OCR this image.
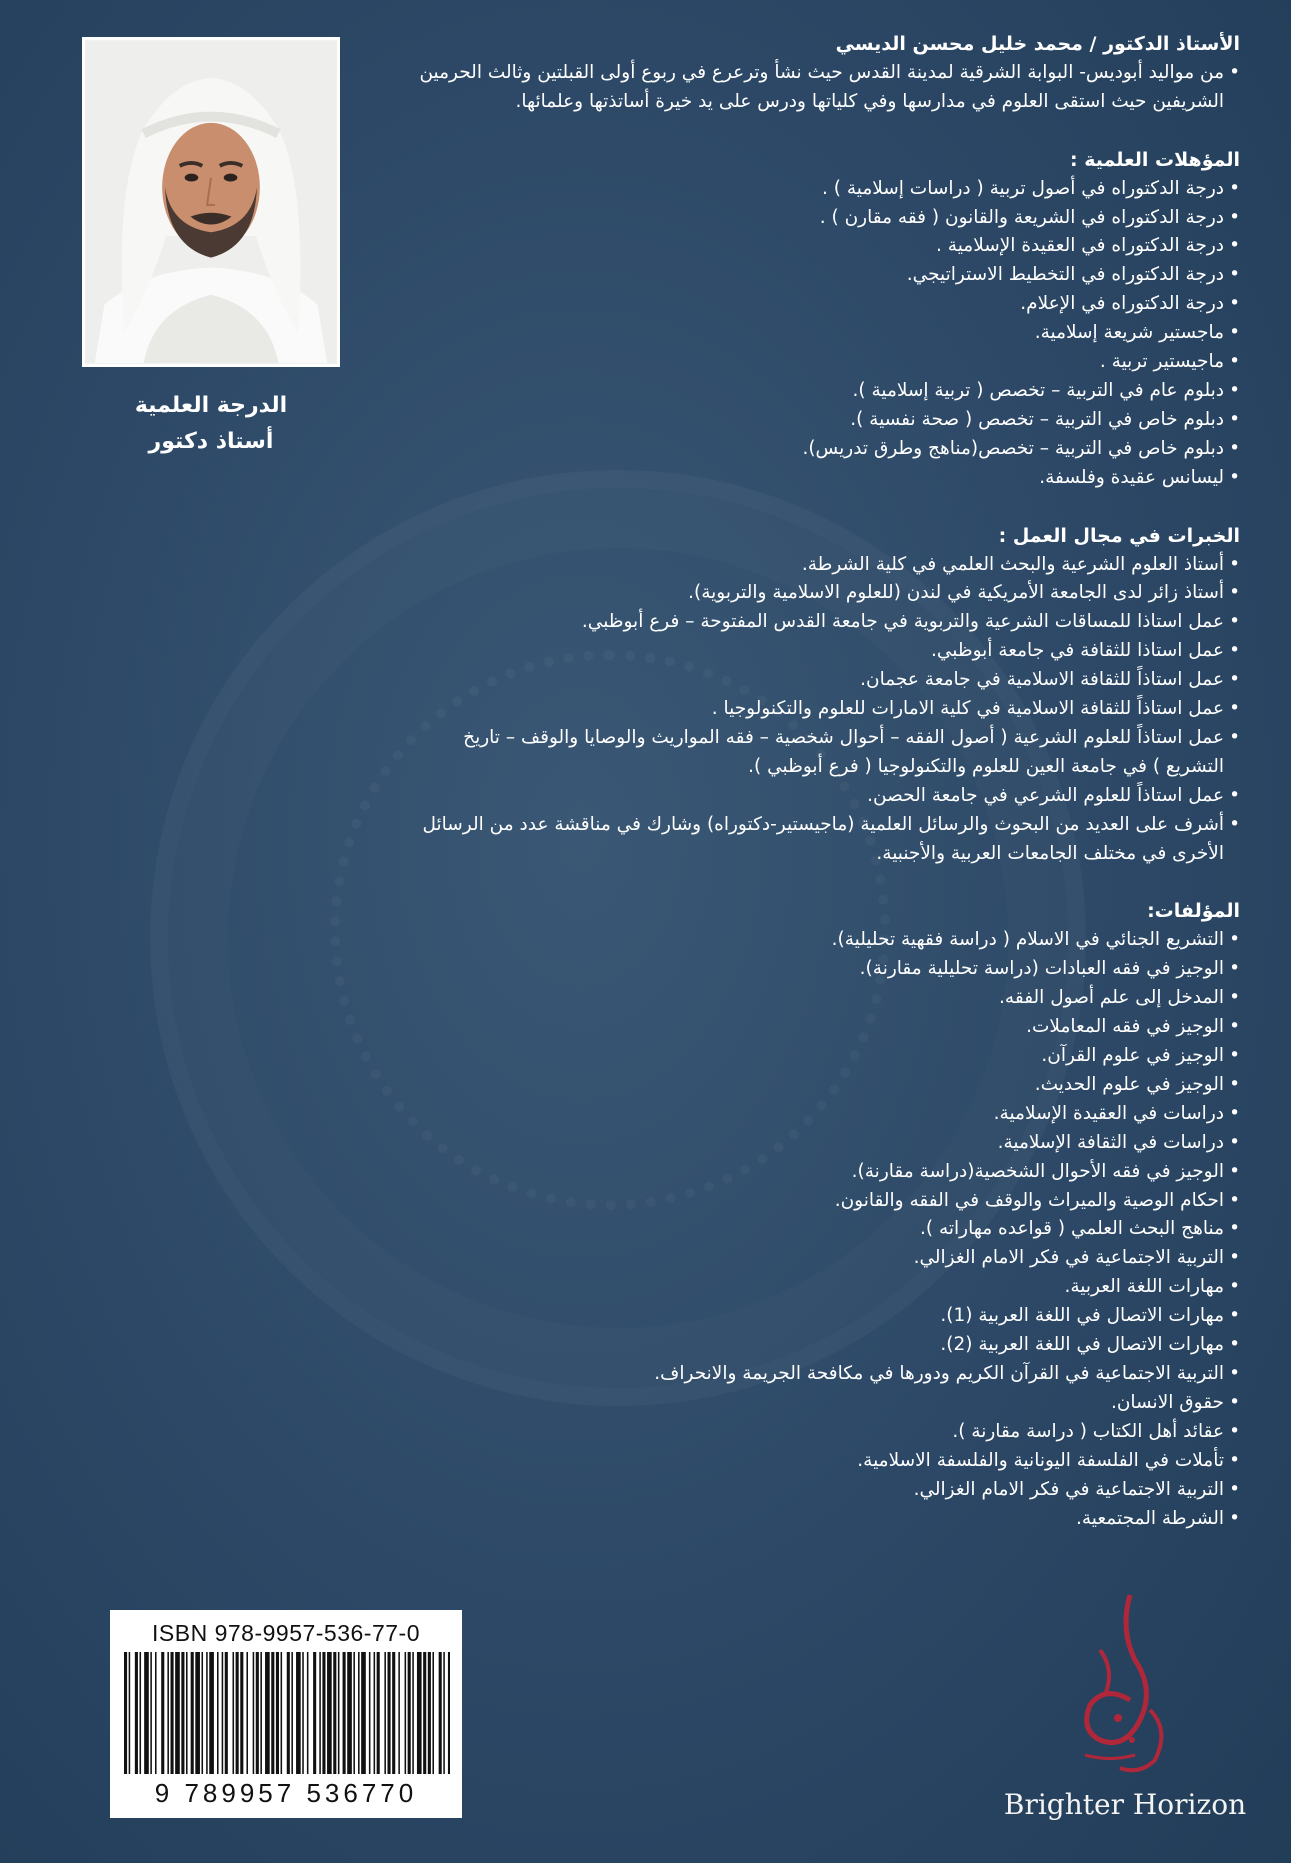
الدرجة العلمية
أستاذ دكتور
الأستاذ الدكتور / محمد خليل محسن الديسي
• من مواليد أبوديس- البوابة الشرقية لمدينة القدس حيث نشأ وترعرع في ربوع أولى القبلتين وثالث الحرمين الشريفين حيث استقى العلوم في مدارسها وفي كلياتها ودرس على يد خيرة أساتذتها وعلمائها.
المؤهلات العلمية :
• درجة الدكتوراه في أصول تربية ( دراسات إسلامية ) .
• درجة الدكتوراه في الشريعة والقانون ( فقه مقارن ) .
• درجة الدكتوراه في العقيدة الإسلامية .
• درجة الدكتوراه في التخطيط الاستراتيجي.
• درجة الدكتوراه في الإعلام.
• ماجستير شريعة إسلامية.
• ماجيستير تربية .
• دبلوم عام في التربية – تخصص ( تربية إسلامية ).
• دبلوم خاص في التربية – تخصص ( صحة نفسية ).
• دبلوم خاص في التربية – تخصص(مناهج وطرق تدريس).
• ليسانس عقيدة وفلسفة.
الخبرات في مجال العمل :
• أستاذ العلوم الشرعية والبحث العلمي في كلية الشرطة.
• أستاذ زائر لدى الجامعة الأمريكية في لندن (للعلوم الاسلامية والتربوية).
• عمل استاذا للمساقات الشرعية والتربوية في جامعة القدس المفتوحة – فرع أبوظبي.
• عمل استاذا للثقافة في جامعة أبوظبي.
• عمل استاذاً للثقافة الاسلامية في جامعة عجمان.
• عمل استاذاً للثقافة الاسلامية في كلية الامارات للعلوم والتكنولوجيا .
• عمل استاذاً للعلوم الشرعية ( أصول الفقه – أحوال شخصية – فقه المواريث والوصايا والوقف – تاريخ التشريع ) في جامعة العين للعلوم والتكنولوجيا ( فرع أبوظبي ).
• عمل استاذاً للعلوم الشرعي في جامعة الحصن.
• أشرف على العديد من البحوث والرسائل العلمية (ماجيستير-دكتوراه) وشارك في مناقشة عدد من الرسائل الأخرى في مختلف الجامعات العربية والأجنبية.
المؤلفات:
• التشريع الجنائي في الاسلام ( دراسة فقهية تحليلية).
• الوجيز في فقه العبادات (دراسة تحليلية مقارنة).
• المدخل إلى علم أصول الفقه.
• الوجيز في فقه المعاملات.
• الوجيز في علوم القرآن.
• الوجيز في علوم الحديث.
• دراسات في العقيدة الإسلامية.
• دراسات في الثقافة الإسلامية.
• الوجيز في فقه الأحوال الشخصية(دراسة مقارنة).
• احكام الوصية والميراث والوقف في الفقه والقانون.
• مناهج البحث العلمي ( قواعده مهاراته ).
• التربية الاجتماعية في فكر الامام الغزالي.
• مهارات اللغة العربية.
• مهارات الاتصال في اللغة العربية (1).
• مهارات الاتصال في اللغة العربية (2).
• التربية الاجتماعية في القرآن الكريم ودورها في مكافحة الجريمة والانحراف.
• حقوق الانسان.
• عقائد أهل الكتاب ( دراسة مقارنة ).
• تأملات في الفلسفة اليونانية والفلسفة الاسلامية.
• التربية الاجتماعية في فكر الامام الغزالي.
• الشرطة المجتمعية.
ISBN 978-9957-536-77-0
9 789957 536770	Brighter Horizon
